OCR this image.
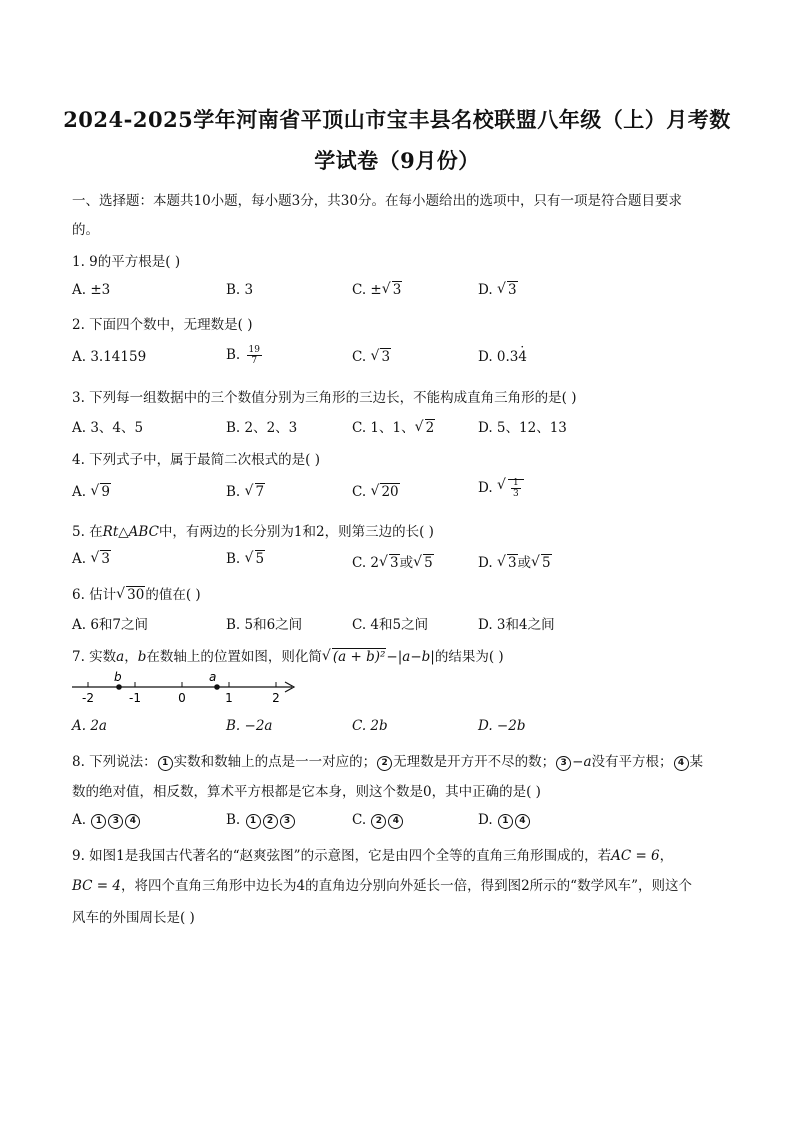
2024-2025学年河南省平顶山市宝丰县名校联盟八年级（上）月考数
学试卷（9月份）
一、选择题：本题共10小题，每小题3分，共30分。在每小题给出的选项中，只有一项是符合题目要求
的。
1. 9的平方根是( )
A. ±3	B. 3	C. ± √ 3	D. √ 3
2. 下面四个数中，无理数是( )
A. 3.14159	B. $\frac{19}{7}$	C. √ 3	D. 0.34 ·
3. 下列每一组数据中的三个数值分别为三角形的三边长，不能构成直角三角形的是( )
A. 3、4、5	B. 2、2、3	C. 1、1、 √ 2	D. 5、12、13
4. 下列式子中，属于最简二次根式的是( )
A. √ 9	B. √ 7	C. √ 20	D. √ $\frac{1}{3}$
5. 在Rt△ABC中，有两边的长分别为1和2，则第三边的长( )
A. √ 3	B. √ 5	C. 2 √ 3或 √ 5	D. √ 3或 √ 5
6. 估计 √ 30的值在( )
A. 6和7之间	B. 5和6之间	C. 4和5之间	D. 3和4之间
7. 实数a，b在数轴上的位置如图，则化简 √ (a + b)²−|a−b|的结果为( )
-2	-1	0	1	2
b	a
A. 2a	B. −2a	C. 2b	D. −2b
8. 下列说法： 1 实数和数轴上的点是一一对应的； 2 无理数是开方开不尽的数； 3 −a没有平方根； 4 某
数的绝对值，相反数，算术平方根都是它本身，则这个数是0，其中正确的是( )
A. 1 3 4	B. 1 2 3	C. 2 4	D. 1 4
9. 如图1是我国古代著名的“赵爽弦图”的示意图，它是由四个全等的直角三角形围成的，若AC = 6，
BC = 4，将四个直角三角形中边长为4的直角边分别向外延长一倍，得到图2所示的“数学风车”，则这个
风车的外围周长是( )
